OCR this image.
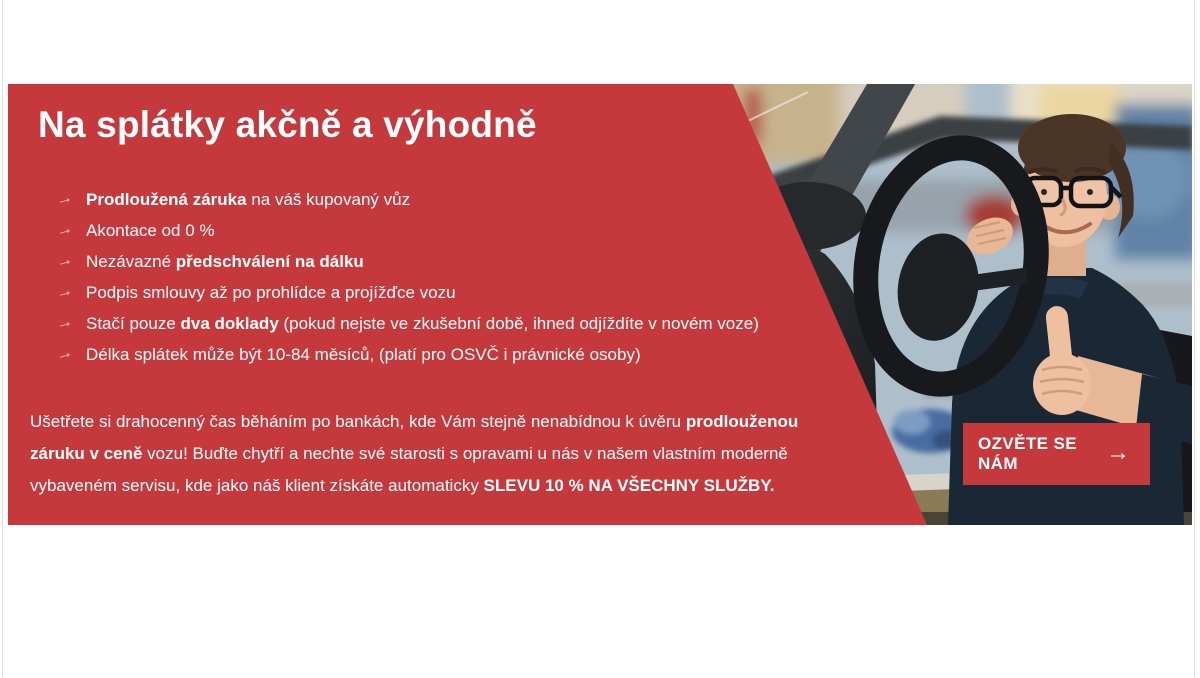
Na splátky akčně a výhodně
→ Prodloužená záruka na váš kupovaný vůz
→ Akontace od 0 %
→ Nezávazné předschválení na dálku
→ Podpis smlouvy až po prohlídce a projížďce vozu
→ Stačí pouze dva doklady (pokud nejste ve zkušební době, ihned odjíždíte v novém voze)
→ Délka splátek může být 10-84 měsíců, (platí pro OSVČ i právnické osoby)

Ušetřete si drahocenný čas běháním po bankách, kde Vám stejně nenabídnou k úvěru prodlouženou záruku v ceně vozu! Buďte chytří a nechte své starosti s opravami u nás v našem vlastním moderně vybaveném servisu, kde jako náš klient získáte automaticky SLEVU 10 % NA VŠECHNY SLUŽBY.

OZVĚTE SE NÁM	→
